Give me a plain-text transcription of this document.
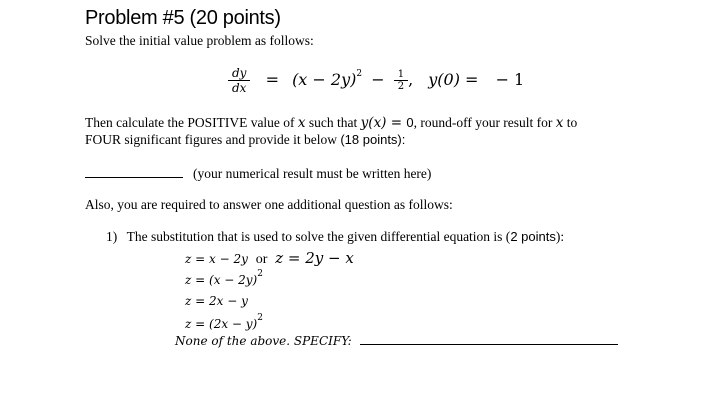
Problem #5 (20 points)
Solve the initial value problem as follows:
$\frac{dy}{dx} = (x - 2y)^2 - \frac{1}{2}$ , y(0) = − 1
Then calculate the POSITIVE value of x such that y(x) = 0, round-off your result for x to
FOUR significant figures and provide it below (18 points):
(your numerical result must be written here)
Also, you are required to answer one additional question as follows:
1) The substitution that is used to solve the given differential equation is (2 points):
z = x − 2y or z = 2y − x
$z = (x - 2y)^2$
z = 2x − y
$z = (2x - y)^2$
None of the above. SPECIFY:
